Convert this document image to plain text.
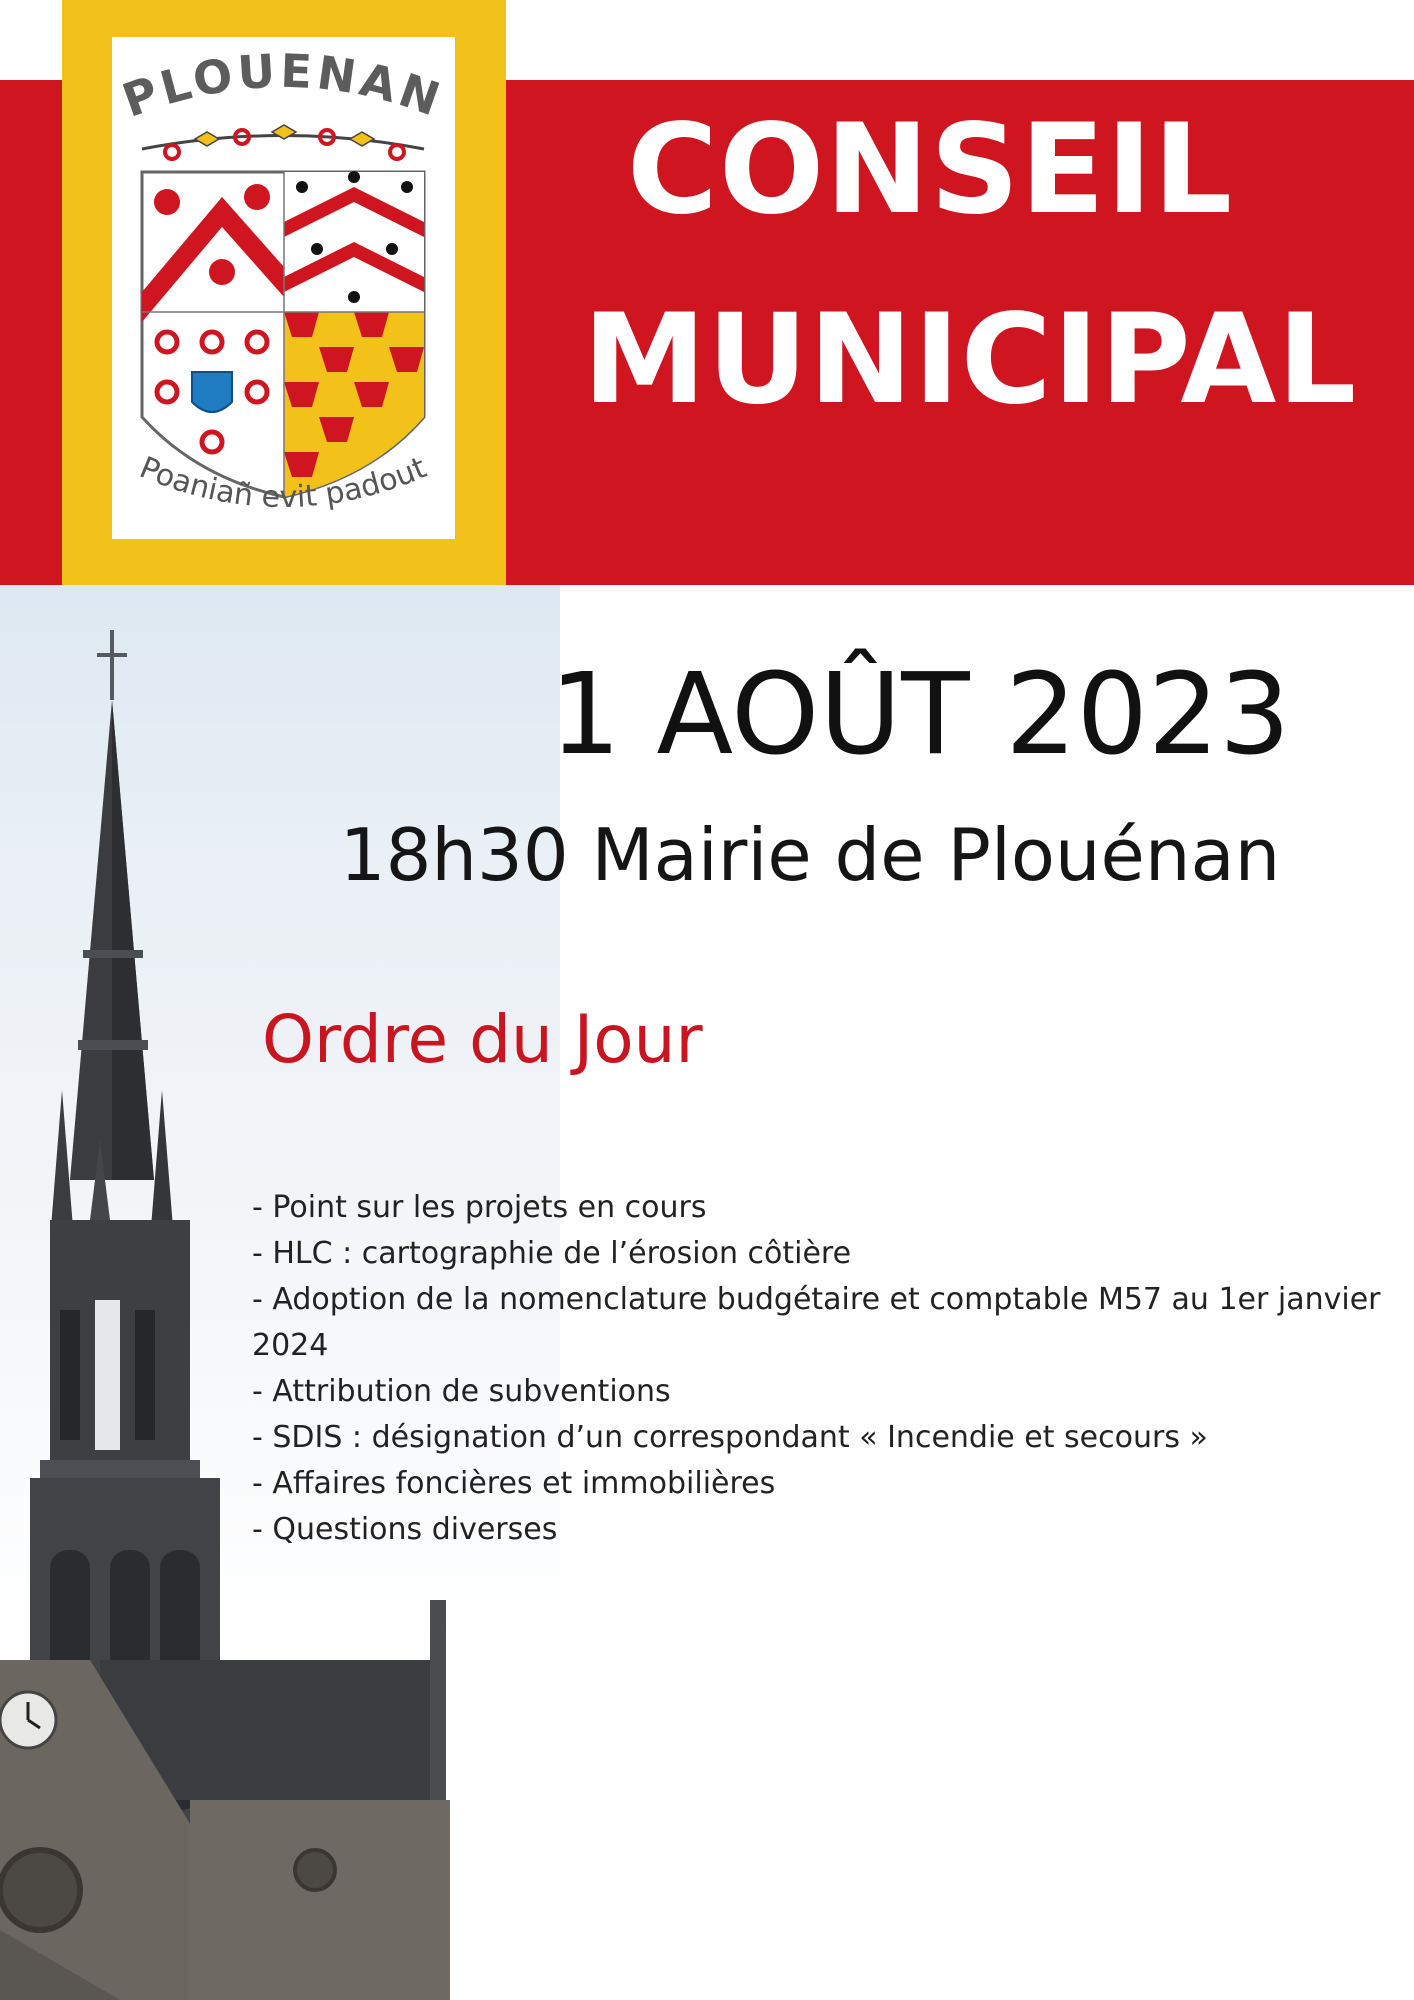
PLOUENAN
Poaniañ evit padout
CONSEIL
MUNICIPAL
1 AOÛT 2023
18h30 Mairie de Plouénan
Ordre du Jour
- Point sur les projets en cours
- HLC : cartographie de l’érosion côtière
- Adoption de la nomenclature budgétaire et comptable M57 au 1er janvier 2024
- Attribution de subventions
- SDIS : désignation d’un correspondant « Incendie et secours »
- Affaires foncières et immobilières
- Questions diverses
